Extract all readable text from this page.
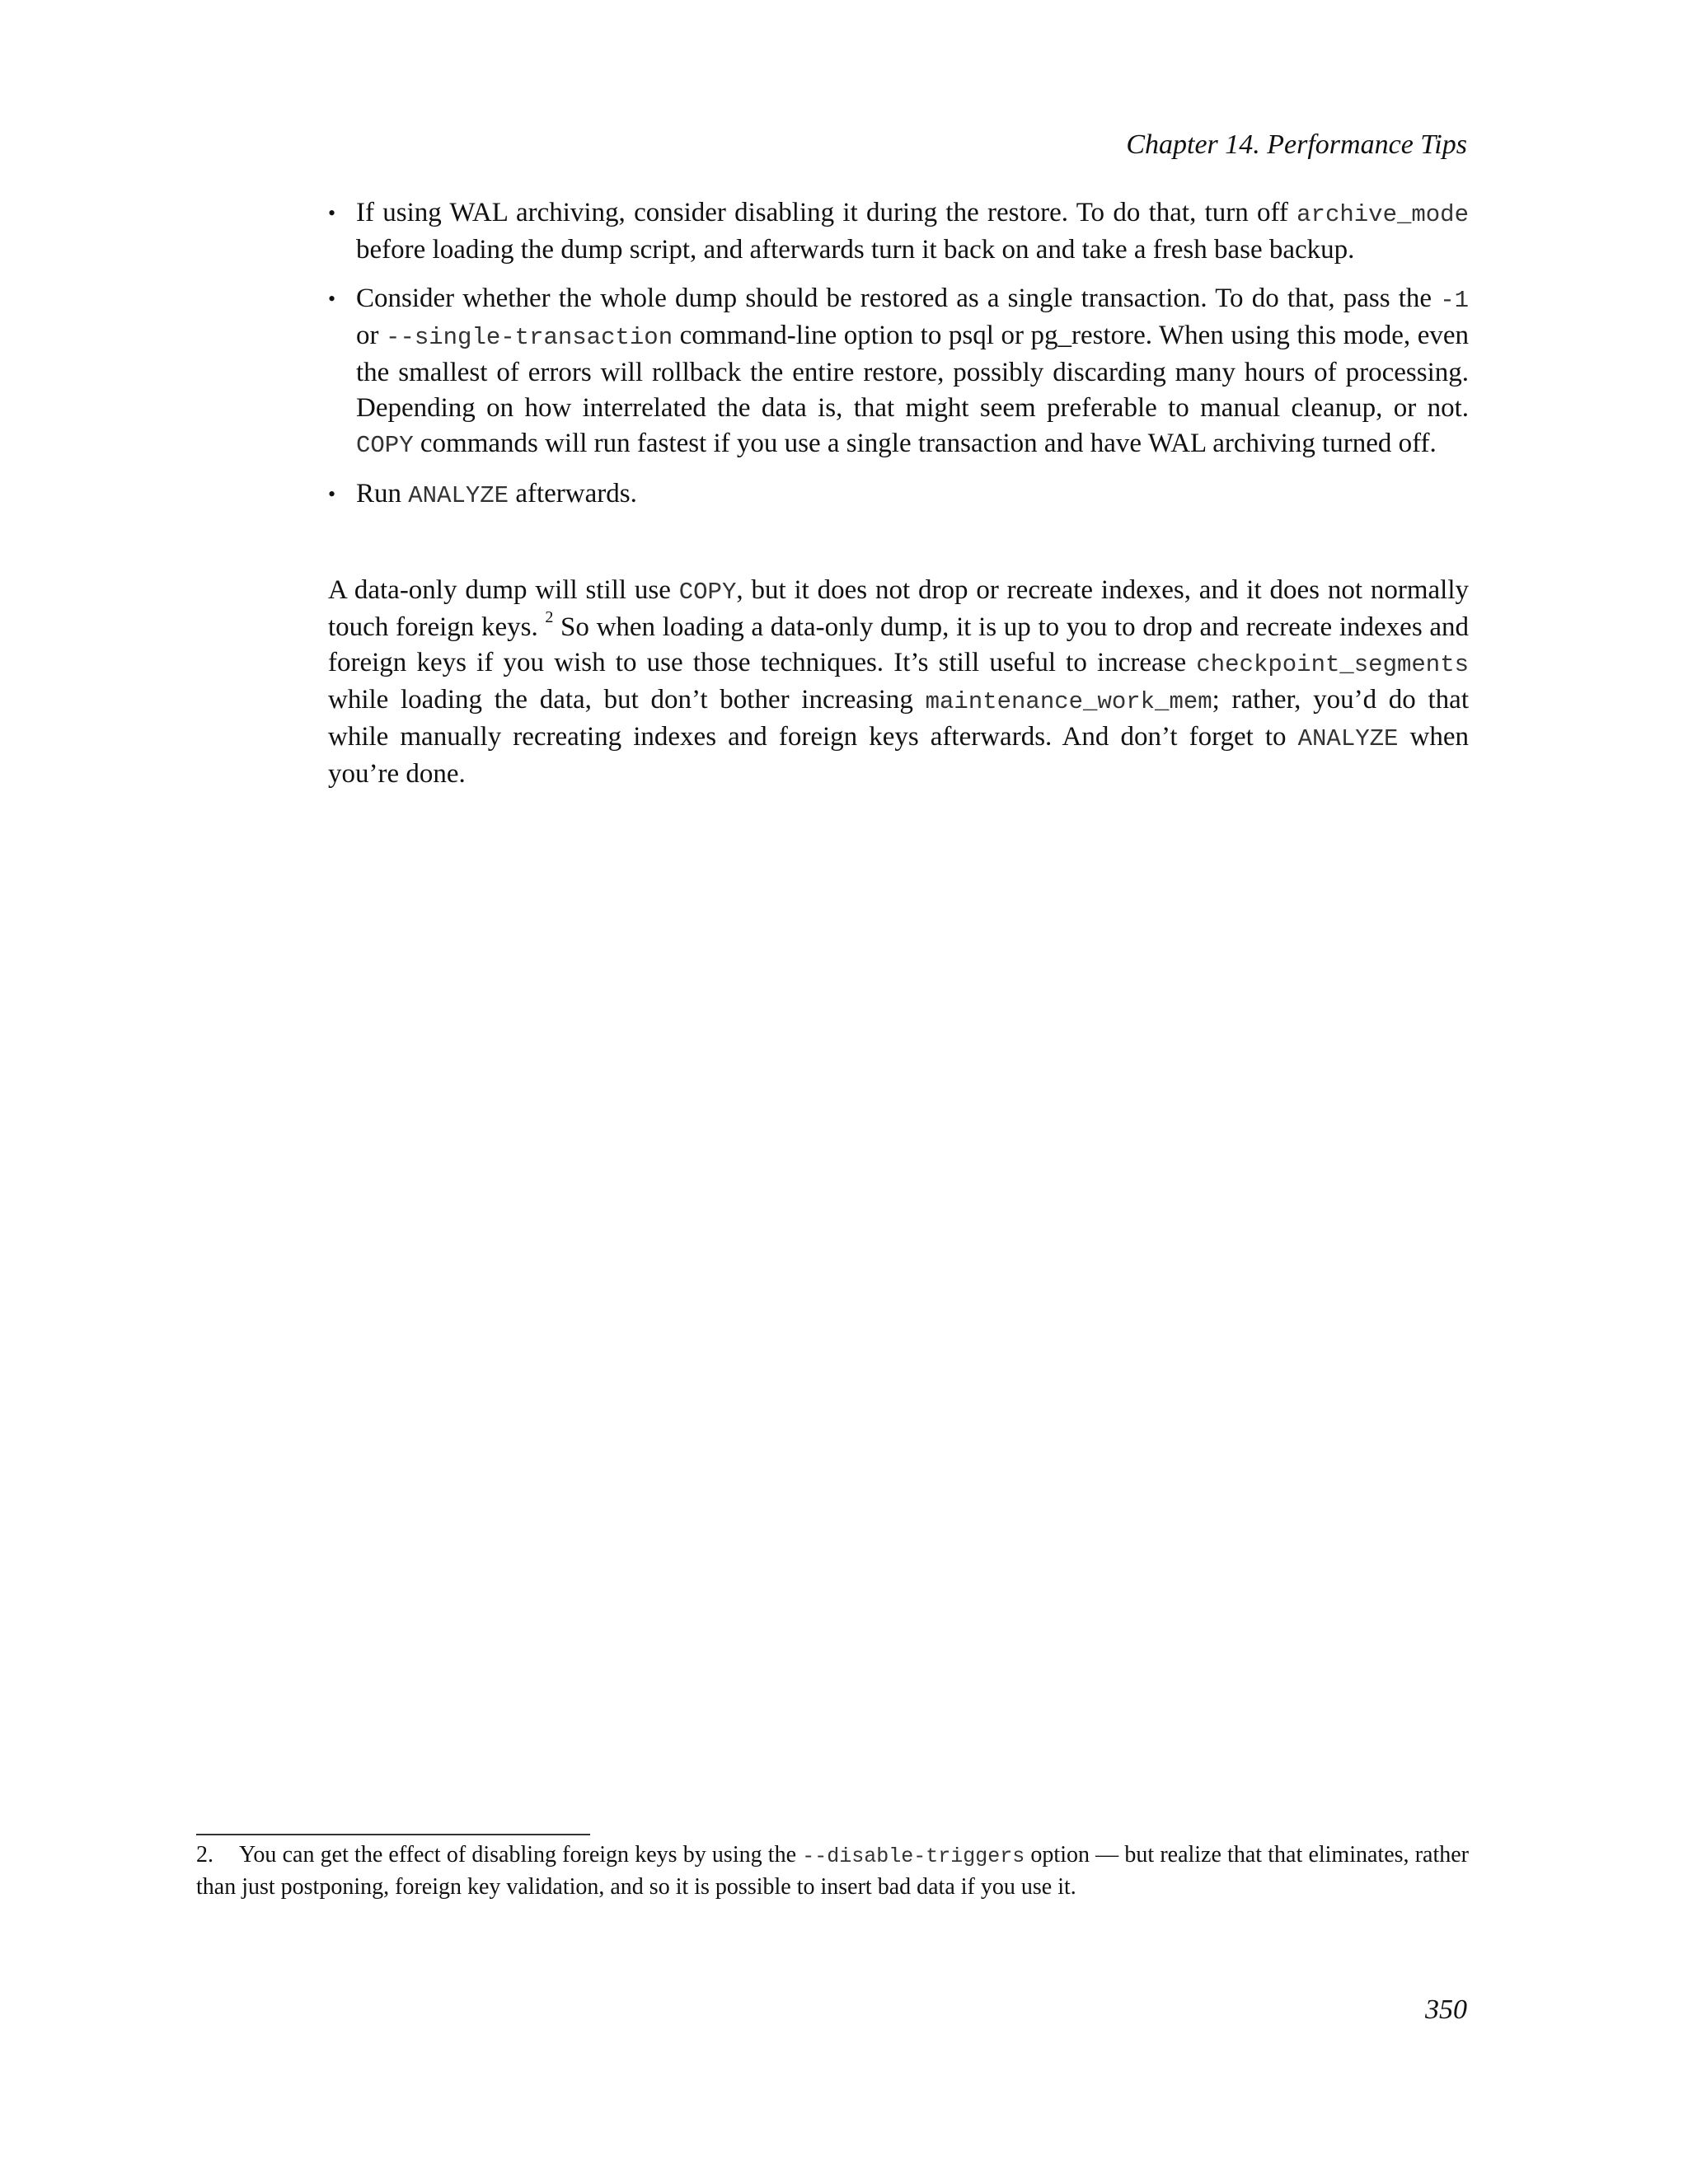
Chapter 14. Performance Tips
• If using WAL archiving, consider disabling it during the restore. To do that, turn off archive_mode before loading the dump script, and afterwards turn it back on and take a fresh base backup.
• Consider whether the whole dump should be restored as a single transaction. To do that, pass the -1 or --single-transaction command-line option to psql or pg_restore. When using this mode, even the smallest of errors will rollback the entire restore, possibly discarding many hours of processing. Depending on how interrelated the data is, that might seem preferable to manual cleanup, or not. COPY commands will run fastest if you use a single transaction and have WAL archiving turned off.
• Run ANALYZE afterwards.

A data-only dump will still use COPY, but it does not drop or recreate indexes, and it does not normally touch foreign keys. $^2$ So when loading a data-only dump, it is up to you to drop and recreate indexes and foreign keys if you wish to use those techniques. It’s still useful to increase checkpoint_segments while loading the data, but don’t bother increasing maintenance_work_mem; rather, you’d do that while manually recreating indexes and foreign keys afterwards. And don’t forget to ANALYZE when you’re done.

2. You can get the effect of disabling foreign keys by using the --disable-triggers option — but realize that that eliminates, rather than just postponing, foreign key validation, and so it is possible to insert bad data if you use it.
350
